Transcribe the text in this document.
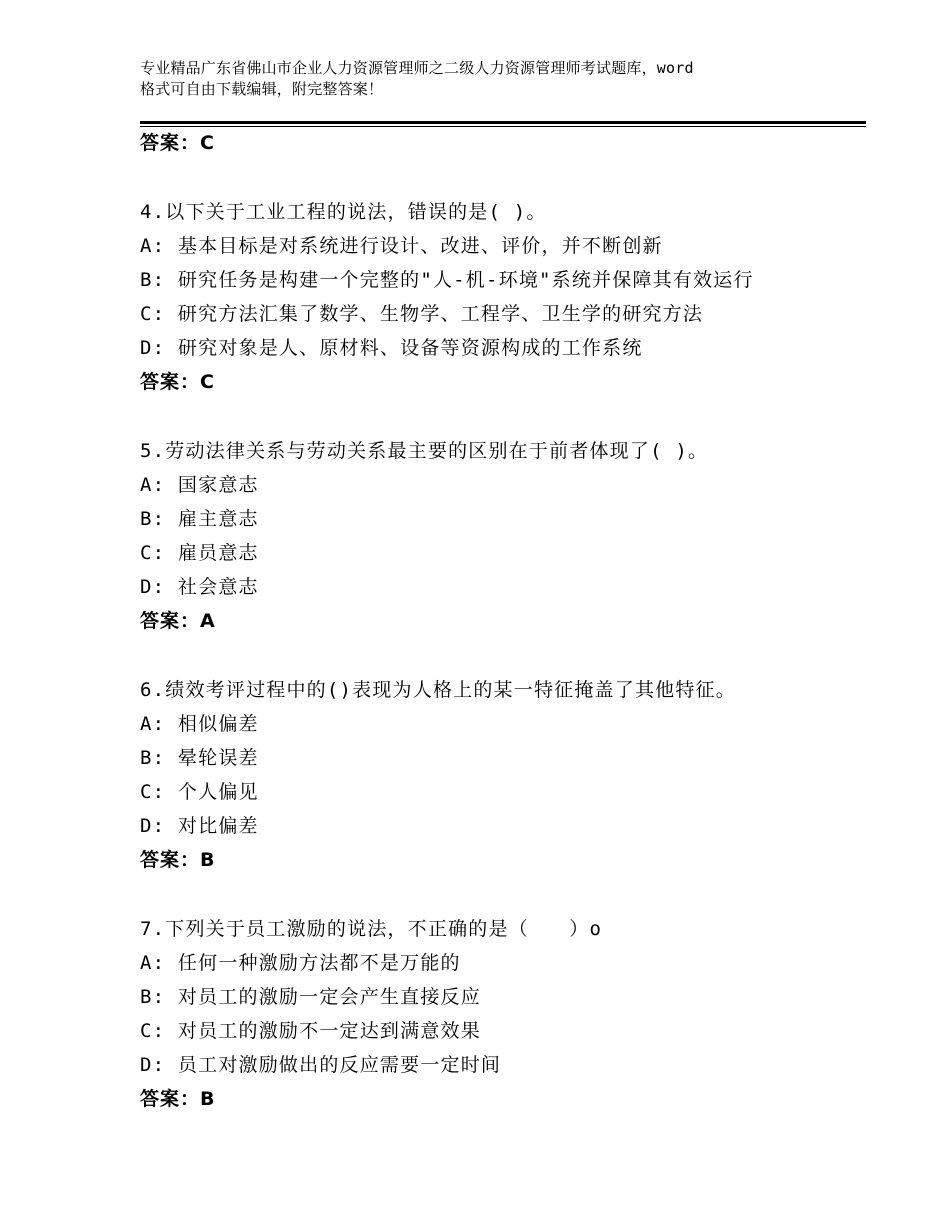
专业精品广东省佛山市企业人力资源管理师之二级人力资源管理师考试题库，word
格式可自由下载编辑，附完整答案！
答案：C
4.以下关于工业工程的说法，错误的是( )。
A: 基本目标是对系统进行设计、改进、评价，并不断创新
B: 研究任务是构建一个完整的"人-机-环境"系统并保障其有效运行
C: 研究方法汇集了数学、生物学、工程学、卫生学的研究方法
D: 研究对象是人、原材料、设备等资源构成的工作系统
答案：C
5.劳动法律关系与劳动关系最主要的区别在于前者体现了( )。
A: 国家意志
B: 雇主意志
C: 雇员意志
D: 社会意志
答案：A
6.绩效考评过程中的()表现为人格上的某一特征掩盖了其他特征。
A: 相似偏差
B: 晕轮误差
C: 个人偏见
D: 对比偏差
答案：B
7.下列关于员工激励的说法，不正确的是（　　）o
A: 任何一种激励方法都不是万能的
B: 对员工的激励一定会产生直接反应
C: 对员工的激励不一定达到满意效果
D: 员工对激励做出的反应需要一定时间
答案：B
